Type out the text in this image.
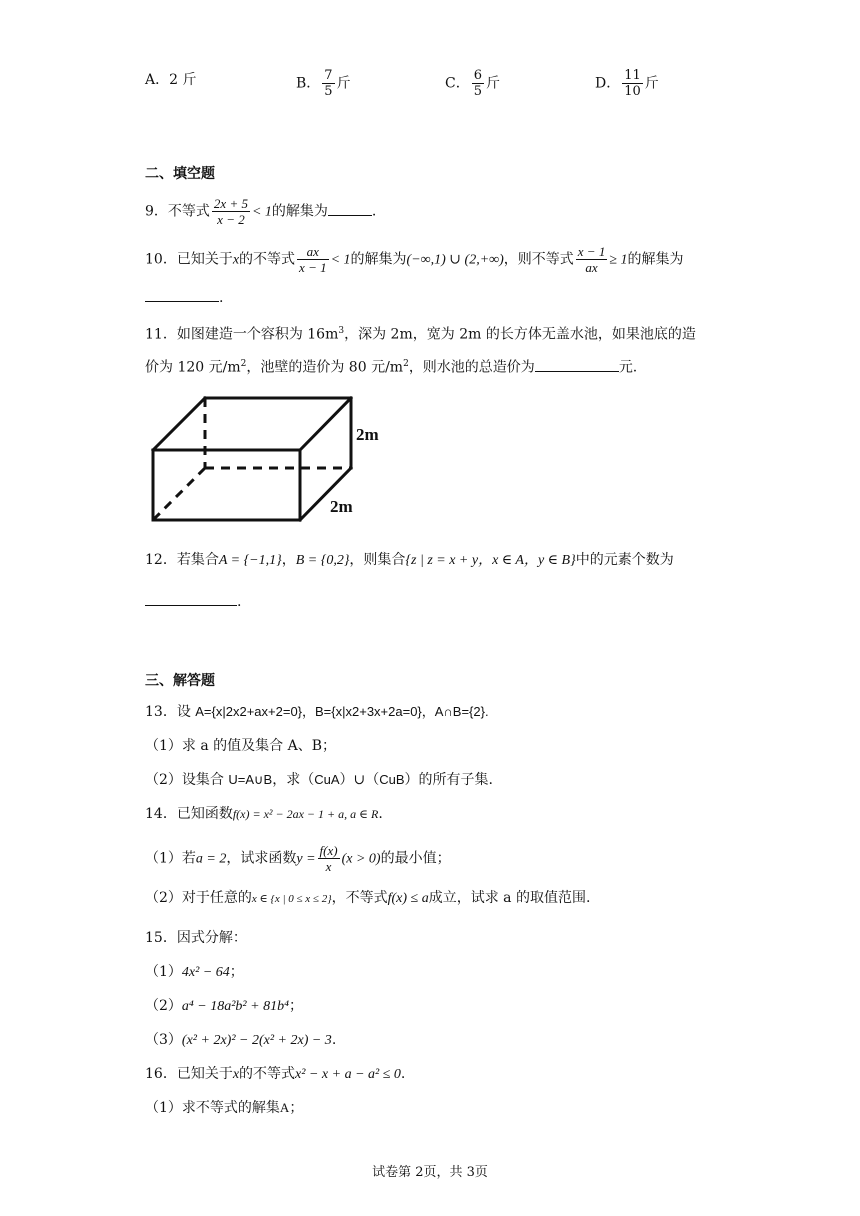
A．2 斤	B． $\frac{7}{5}$ 斤	C． $\frac{6}{5}$ 斤	D． $\frac{11}{10}$ 斤
二、填空题
9．不等式 $\frac{2x + 5}{x - 2} < 1$的解集为	.
10．已知关于x的不等式 $\frac{ax}{x - 1} < 1$的解集为(−∞,1) ∪ (2,+∞)，则不等式 $\frac{x - 1}{ax} \ge 1$的解集为
.
11．如图建造一个容积为 $16m^3$，深为 2m，宽为 2m 的长方体无盖水池，如果池底的造
价为 120 元$/m^2$，池壁的造价为 80 元$/m^2$，则水池的总造价为	元.
2m
2m
12．若集合A = {−1,1}，B = {0,2}，则集合{z | z = x + y，x ∈ A，y ∈ B}中的元素个数为
.
三、解答题
13．设 A={x|2x2+ax+2=0}，B={x|x2+3x+2a=0}，A∩B={2}.
（1）求 a 的值及集合 A、B；
（2）设集合 U=A∪B，求（CuA）∪（CuB）的所有子集.
14．已知函数f(x) = x² − 2ax − 1 + a, a ∈ R.
（1）若a = 2，试求函数$y = \frac{f(x)}{x} (x > 0)$的最小值；
（2）对于任意的x ∈ {x | 0 ≤ x ≤ 2}，不等式f(x) ≤ a成立，试求 a 的取值范围.
15．因式分解：
（1）4x² − 64；
（2）a⁴ − 18a²b² + 81b⁴；
（3）(x² + 2x)² − 2(x² + 2x) − 3.
16．已知关于x的不等式x² − x + a − a² ≤ 0.
（1）求不等式的解集A；
试卷第 2页，共 3页
